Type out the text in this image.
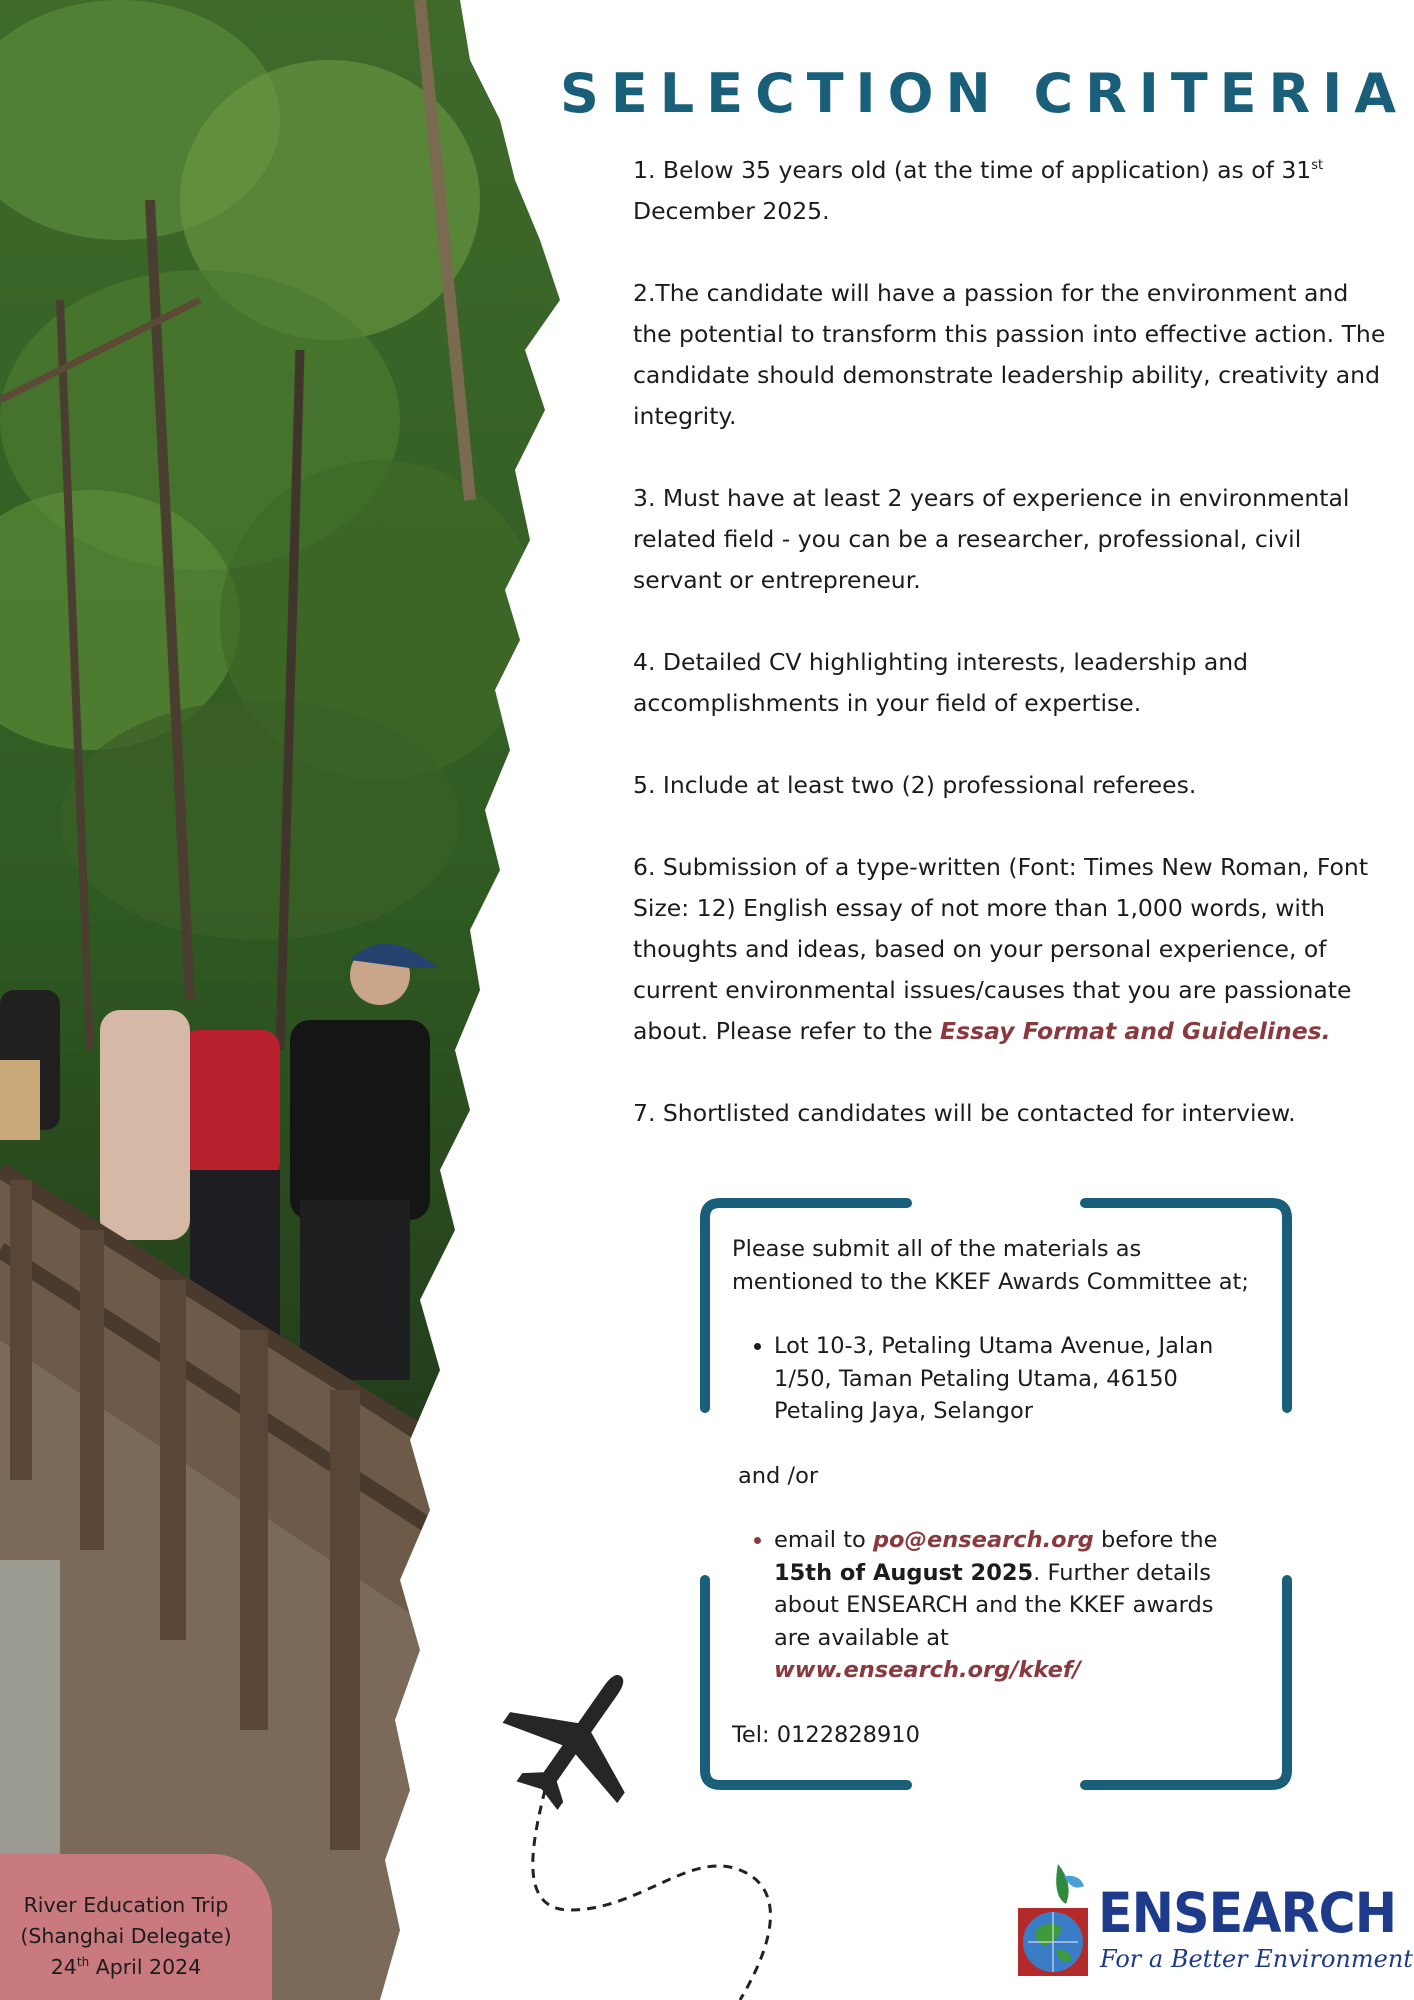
SELECTION CRITERIA

1. Below 35 years old (at the time of application) as of 31st December 2025.

2.The candidate will have a passion for the environment and the potential to transform this passion into effective action. The candidate should demonstrate leadership ability, creativity and integrity.

3. Must have at least 2 years of experience in environmental related field - you can be a researcher, professional, civil servant or entrepreneur.

4. Detailed CV highlighting interests, leadership and accomplishments in your field of expertise.

5. Include at least two (2) professional referees.

6. Submission of a type-written (Font: Times New Roman, Font Size: 12) English essay of not more than 1,000 words, with thoughts and ideas, based on your personal experience, of current environmental issues/causes that you are passionate about. Please refer to the Essay Format and Guidelines.

7. Shortlisted candidates will be contacted for interview.

Please submit all of the materials as mentioned to the KKEF Awards Committee at;

• Lot 10-3, Petaling Utama Avenue, Jalan 1/50, Taman Petaling Utama, 46150 Petaling Jaya, Selangor

and /or

• email to po@ensearch.org before the 15th of August 2025. Further details about ENSEARCH and the KKEF awards are available at www.ensearch.org/kkef/

Tel: 0122828910

River Education Trip
(Shanghai Delegate)
24th April 2024
ENSEARCH
For a Better Environment
